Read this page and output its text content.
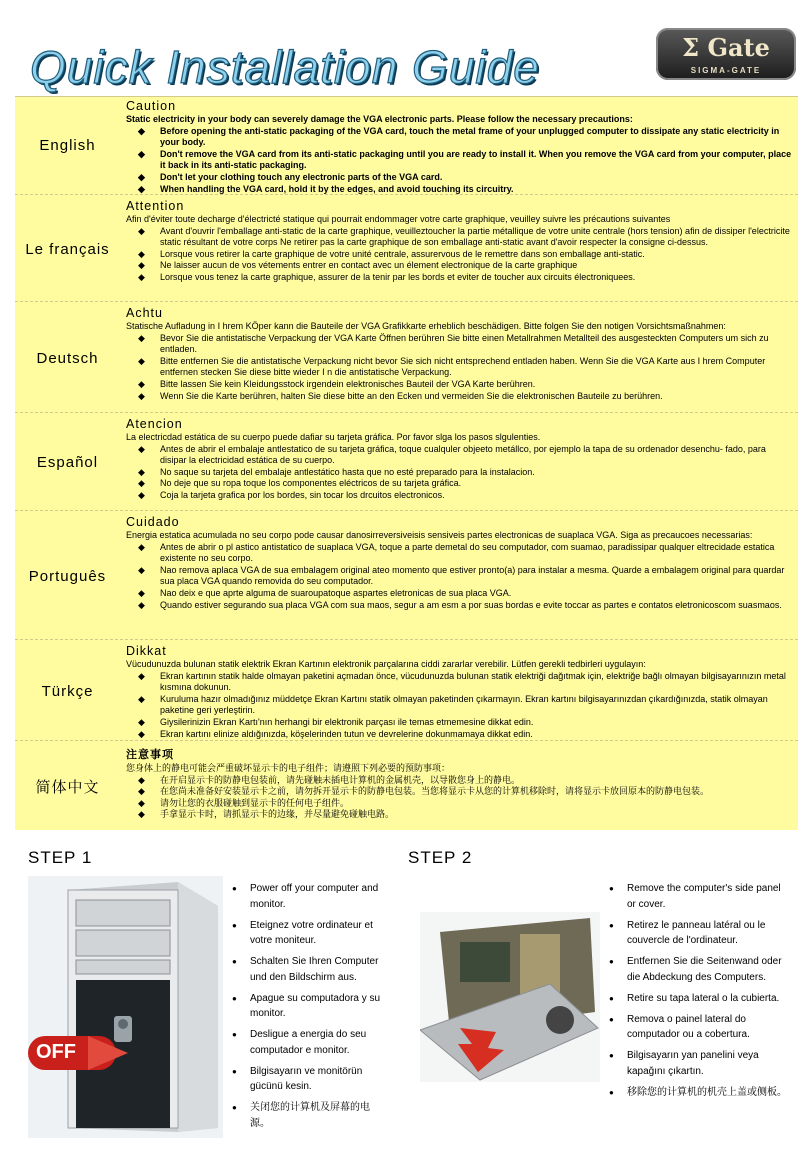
Quick Installation Guide	Σ Gate
SIGMA-GATE
English
Caution

Static electricity in your body can severely damage the VGA electronic parts. Please follow the necessary precautions:

◆ Before opening the anti-static packaging of the VGA card, touch the metal frame of your unplugged computer to dissipate any static electricity in your body.
◆ Don't remove the VGA card from its anti-static packaging until you are ready to install it. When you remove the VGA card from your computer, place it back in its anti-static packaging.
◆ Don't let your clothing touch any electronic parts of the VGA card.
◆ When handling the VGA card, hold it by the edges, and avoid touching its circuitry.
Le français
Attention

Afin d'éviter toute decharge d'électricté statique qui pourrait endommager votre carte graphique, veuilley suivre les précautions suivantes

◆ Avant d'ouvrir l'emballage anti-static de la carte graphique, veuilleztoucher la partie métallique de votre unite centrale (hors tension) afin de dissiper l'electricite static résultant de votre corps Ne retirer pas la carte graphique de son emballage anti-static avant d'avoir respecter la consigne ci-dessus.
◆ Lorsque vous retirer la carte graphique de votre unité centrale, assurervous de le remettre dans son emballage anti-static.
◆ Ne laisser aucun de vos vétements entrer en contact avec un élement electronique de la carte graphique
◆ Lorsque vous tenez la carte graphique, assurer de la tenir par les bords et eviter de toucher aux circuits électroniquees.
Deutsch
Achtu

Statische Aufladung in I hrem KÖper kann die Bauteile der VGA Grafikkarte erheblich beschädigen. Bitte folgen Sie den notigen Vorsichtsmaßnahmen:

◆ Bevor Sie die antistatische Verpackung der VGA Karte Öffnen berühren Sie bitte einen Metallrahmen Metallteil des ausgesteckten Computers um sich zu entladen.
◆ Bitte entfernen Sie die antistatische Verpackung nicht bevor Sie sich nicht entsprechend entladen haben. Wenn Sie die VGA Karte aus I hrem Computer entfernen stecken Sie diese bitte wieder I n die antistatische Verpackung.
◆ Bitte lassen Sie kein Kleidungsstock irgendein elektronisches Bauteil der VGA Karte berühren.
◆ Wenn Sie die Karte berühren, halten Sie diese bitte an den Ecken und vermeiden Sie die elektronischen Bauteile zu berühren.
Español
Atencion

La electricdad estática de su cuerpo puede dafiar su tarjeta gráfica. Por favor slga los pasos slgulenties.

◆ Antes de abrir el embalaje antlestatico de su tarjeta gráfica, toque cualquler objeeto metállco, por ejemplo la tapa de su ordenador desenchu- fado, para disipar la electricidad estática de su cuerpo.
◆ No saque su tarjeta del embalaje antlestático hasta que no esté preparado para la instalacion.
◆ No deje que su ropa toque los componentes eléctricos de su tarjeta gráfica.
◆ Coja la tarjeta grafica por los bordes, sin tocar los drcuitos electronicos.
Português
Cuidado

Energia estatica acumulada no seu corpo pode causar danosirreversiveisis sensiveis partes electronicas de suaplaca VGA. Siga as precaucoes necessarias:

◆ Antes de abrir o pl astico antistatico de suaplaca VGA, toque a parte demetal do seu computador, com suamao, paradissipar qualquer eltrecidade estatica existente no seu corpo.
◆ Nao remova aplaca VGA de sua embalagem original ateo momento que estiver pronto(a) para instalar a mesma. Quarde a embalagem original para quardar sua placa VGA quando removida do seu computador.
◆ Nao deix e que aprte alguma de suaroupatoque aspartes eletronicas de sua placa VGA.
◆ Quando estiver segurando sua placa VGA com sua maos, segur a am esm a por suas bordas e evite toccar as partes e contatos eletronicoscom suasmaos.
Türkçe
Dikkat

Vücudunuzda bulunan statik elektrik Ekran Kartının elektronik parçalarına ciddi zararlar verebilir. Lütfen gerekli tedbirleri uygulayın:

◆ Ekran kartının statik halde olmayan paketini açmadan önce, vücudunuzda bulunan statik elektriği dağıtmak için, elektriğe bağlı olmayan bilgisayarınızın metal kısmına dokunun.
◆ Kuruluma hazır olmadığınız müddetçe Ekran Kartını statik olmayan paketinden çıkarmayın. Ekran kartını bilgisayarınızdan çıkardığınızda, statik olmayan paketine geri yerleştirin.
◆ Giysilerinizin Ekran Kartı'nın herhangi bir elektronik parçası ile temas etmemesine dikkat edin.
◆ Ekran kartını elinize aldığınızda, köşelerinden tutun ve devrelerine dokunmamaya dikkat edin.
简体中文
注意事项

您身体上的静电可能会严重破坏显示卡的电子组件；请遵照下列必要的预防事项：

◆ 在开启显示卡的防静电包装前，请先碰触未插电计算机的金属机壳，以导散您身上的静电。
◆ 在您尚未准备好安装显示卡之前，请勿拆开显示卡的防静电包装。当您将显示卡从您的计算机移除时，请将显示卡放回原本的防静电包装。
◆ 请勿让您的衣服碰触到显示卡的任何电子组件。
◆ 手拿显示卡时，请抓显示卡的边缘，并尽量避免碰触电路。
STEP 1
OFF
● Power off your computer and monitor.
● Eteignez votre ordinateur et votre moniteur.
● Schalten Sie Ihren Computer und den Bildschirm aus.
● Apague su computadora y su monitor.
● Desligue a energia do seu computador e monitor.
● Bilgisayarın ve monitörün gücünü kesin.
● 关闭您的计算机及屏幕的电源。
STEP 2
● Remove the computer's side panel or cover.
● Retirez le panneau latéral ou le couvercle de l'ordinateur.
● Entfernen Sie die Seitenwand oder die Abdeckung des Computers.
● Retire su tapa lateral o la cubierta.
● Remova o painel lateral do computador ou a cobertura.
● Bilgisayarın yan panelini veya kapağını çıkartın.
● 移除您的计算机的机壳上盖或侧板。
